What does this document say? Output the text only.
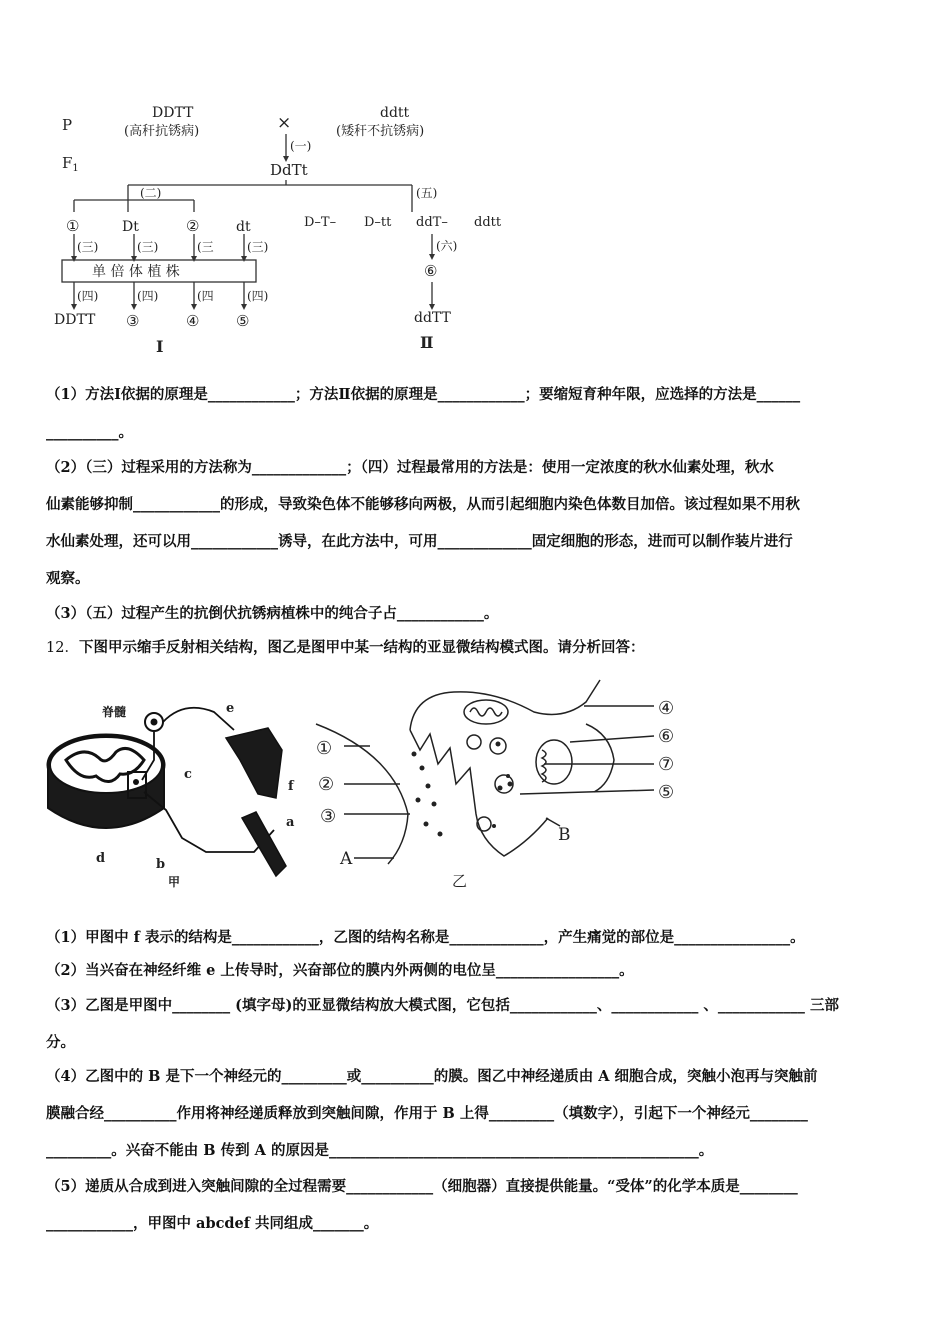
P
$F_1$
DDTT
(高秆抗锈病)	×	ddtt
(矮秆不抗锈病)
(一)
DdTt
(二)	(五)
①	Dt	②	dt
(三)	(三)	(三	(三)
单 倍 体 植 株
(四)	(四)	(四	(四)
DDTT ③	④ ⑤
D–T– D–tt ddT– ddtt
(六)
⑥
ddTT
I	Ⅱ
（1）方法Ⅰ依据的原理是____________；方法Ⅱ依据的原理是____________；要缩短育种年限，应选择的方法是______
__________。
（2）（三）过程采用的方法称为_____________；（四）过程最常用的方法是：使用一定浓度的秋水仙素处理，秋水
仙素能够抑制____________的形成，导致染色体不能够移向两极，从而引起细胞内染色体数目加倍。该过程如果不用秋
水仙素处理，还可以用____________诱导，在此方法中，可用_____________固定细胞的形态，进而可以制作装片进行
观察。
（3）（五）过程产生的抗倒伏抗锈病植株中的纯合子占____________。
12．下图甲示缩手反射相关结构，图乙是图甲中某一结构的亚显微结构模式图。请分析回答：
脊髓
a
b
c
d
e
f
甲
①
②
③
A
④
⑥
⑦
⑤
B
乙
（1）甲图中 f 表示的结构是____________，乙图的结构名称是_____________，产生痛觉的部位是________________。
（2）当兴奋在神经纤维 e 上传导时，兴奋部位的膜内外两侧的电位呈_________________。
（3）乙图是甲图中________ (填字母)的亚显微结构放大模式图，它包括____________、____________ 、____________ 三部
分。
（4）乙图中的 B 是下一个神经元的_________或__________的膜。图乙中神经递质由 A 细胞合成，突触小泡再与突触前
膜融合经__________作用将神经递质释放到突触间隙，作用于 B 上得_________（填数字），引起下一个神经元________
_________。兴奋不能由 B 传到 A 的原因是___________________________________________________。
（5）递质从合成到进入突触间隙的全过程需要____________（细胞器）直接提供能量。“受体”的化学本质是________
____________，甲图中 abcdef 共同组成_______。
